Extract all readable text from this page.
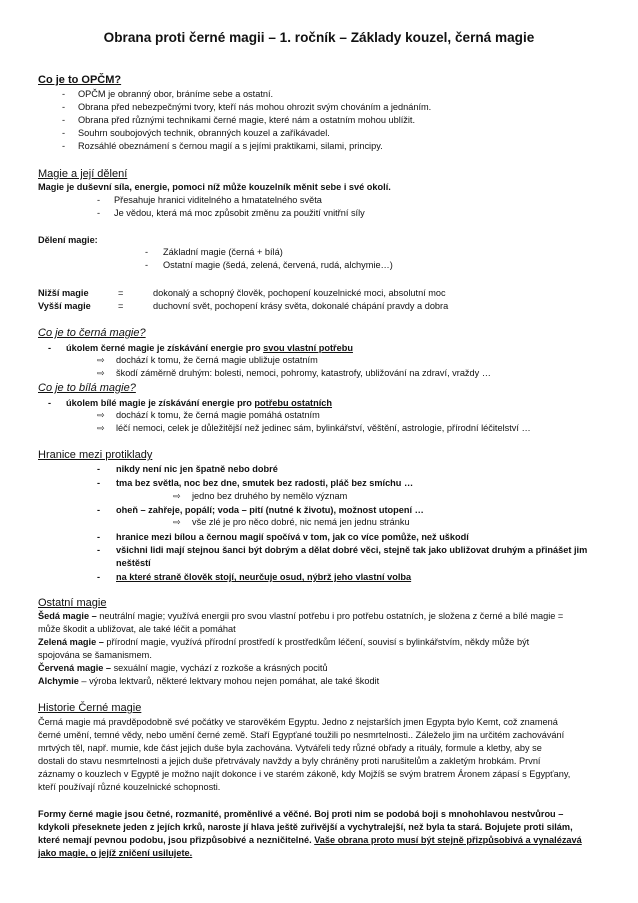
Obrana proti černé magii – 1. ročník – Základy kouzel, černá magie
Co je to OPČM?
- OPČM je obranný obor, bráníme sebe a ostatní.
- Obrana před nebezpečnými tvory, kteří nás mohou ohrozit svým chováním a jednáním.
- Obrana před různými technikami černé magie, které nám a ostatním mohou ublížit.
- Souhrn soubojových technik, obranných kouzel a zaříkávadel.
- Rozsáhlé obeznámení s černou magií a s jejími praktikami, silami, principy.
Magie a její dělení
Magie je duševní síla, energie, pomoci níž může kouzelník měnit sebe i své okolí.
- Přesahuje hranici viditelného a hmatatelného světa
- Je vědou, která má moc způsobit změnu za použití vnitřní síly
Dělení magie:
- Základní magie (černá + bílá)
- Ostatní magie (šedá, zelená, červená, rudá, alchymie…)
Nižší magie	=	dokonalý a schopný člověk, pochopení kouzelnické moci, absolutní moc
Vyšší magie	=	duchovní svět, pochopení krásy světa, dokonalé chápání pravdy a dobra
Co je to černá magie?
- úkolem černé magie je získávání energie pro svou vlastní potřebu
⇨ dochází k tomu, že černá magie ubližuje ostatním
⇨ škodí záměrně druhým: bolesti, nemoci, pohromy, katastrofy, ubližování na zdraví, vraždy …
Co je to bílá magie?
- úkolem bílé magie je získávání energie pro potřebu ostatních
⇨ dochází k tomu, že černá magie pomáhá ostatním
⇨ léčí nemoci, celek je důležitější než jedinec sám, bylinkářství, věštění, astrologie, přírodní léčitelství …
Hranice mezi protiklady
- nikdy není nic jen špatně nebo dobré
- tma bez světla, noc bez dne, smutek bez radosti, pláč bez smíchu …
⇨ jedno bez druhého by nemělo význam
- oheň – zahřeje, popálí; voda – pití (nutné k životu), možnost utopení …
⇨ vše zlé je pro něco dobré, nic nemá jen jednu stránku
- hranice mezi bílou a černou magií spočívá v tom, jak co více pomůže, než uškodí
- všichni lidi mají stejnou šanci být dobrým a dělat dobré věci, stejně tak jako ubližovat druhým a přinášet jim
neštěstí
- na které straně člověk stojí, neurčuje osud, nýbrž jeho vlastní volba
Ostatní magie
Šedá magie – neutrální magie; využívá energii pro svou vlastní potřebu i pro potřebu ostatních, je složena z černé a bílé magie =
může škodit a ubližovat, ale také léčit a pomáhat
Zelená magie – přírodní magie, využívá přírodní prostředí k prostředkům léčení, souvisí s bylinkářstvím, někdy může být
spojována se šamanismem.
Červená magie – sexuální magie, vychází z rozkoše a krásných pocitů
Alchymie – výroba lektvarů, některé lektvary mohou nejen pomáhat, ale také škodit
Historie Černé magie
Černá magie má pravděpodobně své počátky ve starověkém Egyptu. Jedno z nejstarších jmen Egypta bylo Kemt, což znamená
černé umění, temné vědy, nebo umění černé země. Staří Egypťané toužili po nesmrtelnosti.. Záleželo jim na určitém zachovávání
mrtvých těl, např. mumie, kde část jejich duše byla zachována. Vytvářeli tedy různé obřady a rituály, formule a kletby, aby se
dostali do stavu nesmrtelnosti a jejich duše přetrvávaly navždy a byly chráněny proti narušitelům a zakletým hrobkám. První
záznamy o kouzlech v Egyptě je možno najít dokonce i ve starém zákoně, kdy Mojžíš se svým bratrem Áronem zápasí s Egypťany,
kteří používají různé kouzelnické schopnosti.
Formy černé magie jsou četné, rozmanité, proměnlivé a věčné. Boj proti nim se podobá boji s mnohohlavou nestvůrou –
kdykoli přeseknete jeden z jejích krků, naroste jí hlava ještě zuřivější a vychytralejší, než byla ta stará. Bojujete proti silám,
které nemají pevnou podobu, jsou přizpůsobivé a nezničitelné. Vaše obrana proto musí být stejně přizpůsobivá a vynalézavá
jako magie, o jejíž zničení usilujete.
